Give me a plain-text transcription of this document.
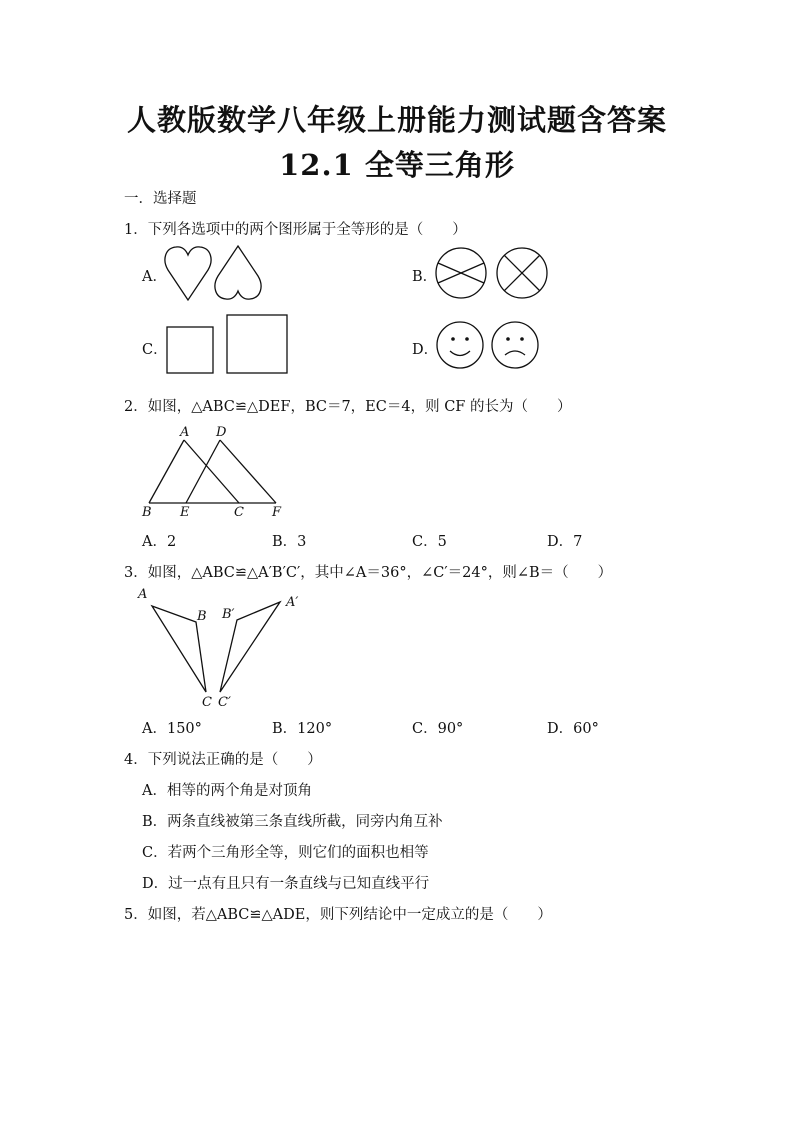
人教版数学八年级上册能力测试题含答案
12.1 全等三角形
一．选择题
1．下列各选项中的两个图形属于全等形的是（　　）
A．	B．
C．	D．
2．如图，△ABC≌△DEF，BC＝7，EC＝4，则 CF 的长为（　　）
A D
B E	C F
A．2	B．3	C．5	D．7
3．如图，△ABC≌△A′B′C′，其中∠A＝36°，∠C′＝24°，则∠B＝（　　）
A
B B′
A′
C C′
A．150°	B．120°	C．90°	D．60°
4．下列说法正确的是（　　）
A．相等的两个角是对顶角
B．两条直线被第三条直线所截，同旁内角互补
C．若两个三角形全等，则它们的面积也相等
D．过一点有且只有一条直线与已知直线平行
5．如图，若△ABC≌△ADE，则下列结论中一定成立的是（　　）
